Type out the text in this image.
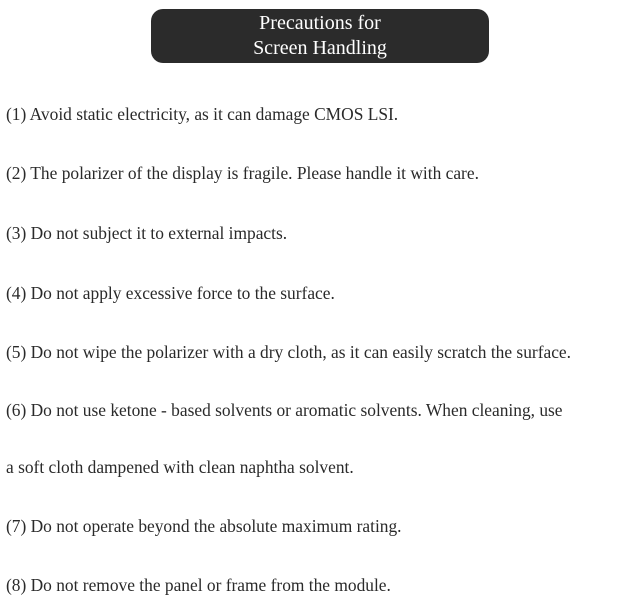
Precautions for
Screen Handling
(1) Avoid static electricity, as it can damage CMOS LSI.
(2) The polarizer of the display is fragile. Please handle it with care.
(3) Do not subject it to external impacts.
(4) Do not apply excessive force to the surface.
(5) Do not wipe the polarizer with a dry cloth, as it can easily scratch the surface.
(6) Do not use ketone - based solvents or aromatic solvents. When cleaning, use
a soft cloth dampened with clean naphtha solvent.
(7) Do not operate beyond the absolute maximum rating.
(8) Do not remove the panel or frame from the module.
